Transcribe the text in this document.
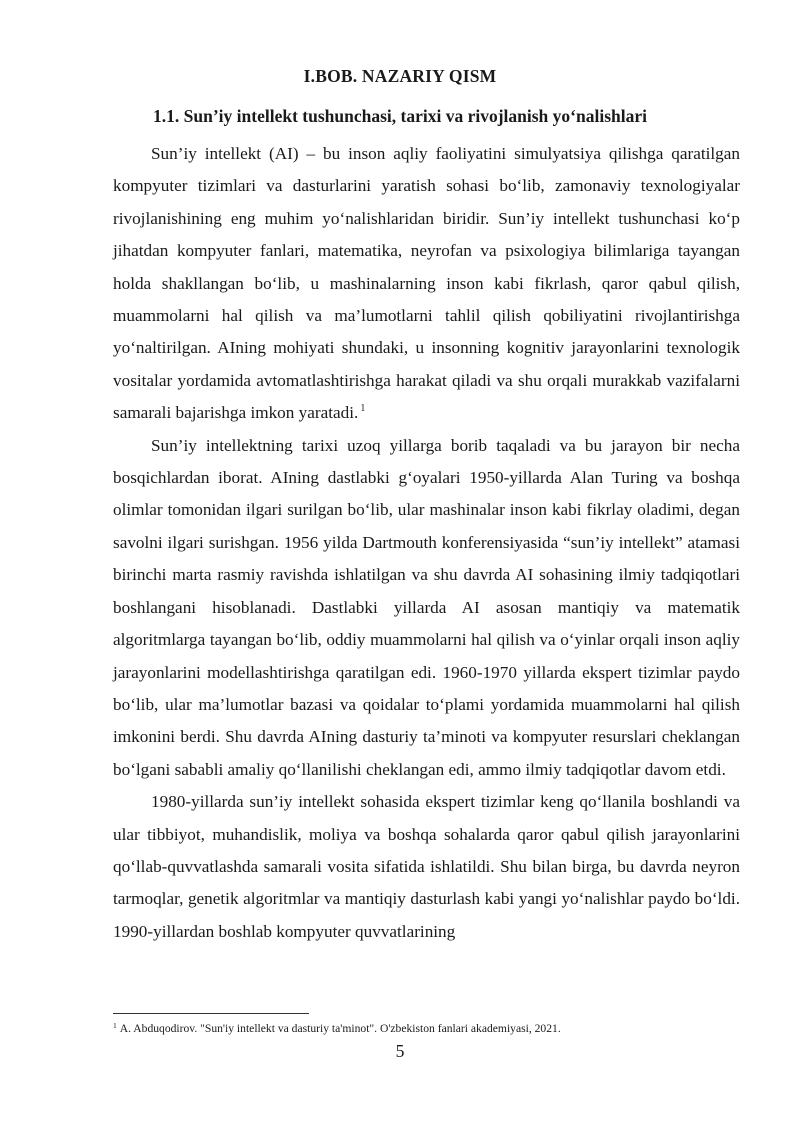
I.BOB. NAZARIY QISM
1.1. Sun’iy intellekt tushunchasi, tarixi va rivojlanish yo‘nalishlari

Sun’iy intellekt (AI) – bu inson aqliy faoliyatini simulyatsiya qilishga qaratilgan kompyuter tizimlari va dasturlarini yaratish sohasi bo‘lib, zamonaviy texnologiyalar rivojlanishining eng muhim yo‘nalishlaridan biridir. Sun’iy intellekt tushunchasi ko‘p jihatdan kompyuter fanlari, matematika, neyrofan va psixologiya bilimlariga tayangan holda shakllangan bo‘lib, u mashinalarning inson kabi fikrlash, qaror qabul qilish, muammolarni hal qilish va ma’lumotlarni tahlil qilish qobiliyatini rivojlantirishga yo‘naltirilgan. AIning mohiyati shundaki, u insonning kognitiv jarayonlarini texnologik vositalar yordamida avtomatlashtirishga harakat qiladi va shu orqali murakkab vazifalarni samarali bajarishga imkon yaratadi. $^1$

Sun’iy intellektning tarixi uzoq yillarga borib taqaladi va bu jarayon bir necha bosqichlardan iborat. AIning dastlabki g‘oyalari 1950-yillarda Alan Turing va boshqa olimlar tomonidan ilgari surilgan bo‘lib, ular mashinalar inson kabi fikrlay oladimi, degan savolni ilgari surishgan. 1956 yilda Dartmouth konferensiyasida “sun’iy intellekt” atamasi birinchi marta rasmiy ravishda ishlatilgan va shu davrda AI sohasining ilmiy tadqiqotlari boshlangani hisoblanadi. Dastlabki yillarda AI asosan mantiqiy va matematik algoritmlarga tayangan bo‘lib, oddiy muammolarni hal qilish va o‘yinlar orqali inson aqliy jarayonlarini modellashtirishga qaratilgan edi. 1960-1970 yillarda ekspert tizimlar paydo bo‘lib, ular ma’lumotlar bazasi va qoidalar to‘plami yordamida muammolarni hal qilish imkonini berdi. Shu davrda AIning dasturiy ta’minoti va kompyuter resurslari cheklangan bo‘lgani sababli amaliy qo‘llanilishi cheklangan edi, ammo ilmiy tadqiqotlar davom etdi.

1980-yillarda sun’iy intellekt sohasida ekspert tizimlar keng qo‘llanila boshlandi va ular tibbiyot, muhandislik, moliya va boshqa sohalarda qaror qabul qilish jarayonlarini qo‘llab-quvvatlashda samarali vosita sifatida ishlatildi. Shu bilan birga, bu davrda neyron tarmoqlar, genetik algoritmlar va mantiqiy dasturlash kabi yangi yo‘nalishlar paydo bo‘ldi. 1990-yillardan boshlab kompyuter quvvatlarining

$^1$ A. Abduqodirov. "Sun'iy intellekt va dasturiy ta'minot". O'zbekiston fanlari akademiyasi, 2021.
5
